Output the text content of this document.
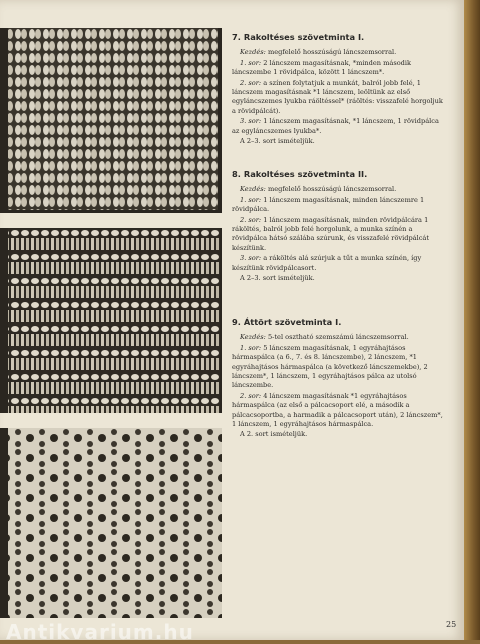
7. Rakoltéses szövetminta I.

Kezdés: megfelelő hosszúságú láncszemsorral.

1. sor: 2 láncszem magasításnak, *minden második láncszembe 1 rövidpálca, között 1 láncszem*.

2. sor: a színen folytatjuk a munkát, balról jobb felé, 1 láncszem magasításnak *1 láncszem, leöltünk az első egyláncszemes lyukba ráöltéssel* (ráöltés: visszafelé horgoljuk a rövidpálcát).

3. sor: 1 láncszem magasításnak, *1 láncszem, 1 rövidpálca az egyláncszemes lyukba*.

A 2–3. sort ismételjük.

8. Rakoltéses szövetminta II.

Kezdés: megfelelő hosszúságú láncszemsorral.

1. sor: 1 láncszem magasításnak, minden láncszemre 1 rövidpálca.

2. sor: 1 láncszem magasításnak, minden rövidpálcára 1 ráköltés, balról jobb felé horgolunk, a munka színén a rövidpálca hátsó szálába szúrunk, és visszafelé rövidpálcát készítünk.

3. sor: a ráköltés alá szúrjuk a tűt a munka színén, így készítünk rövidpálcasort.

A 2–3. sort ismételjük.

9. Áttört szövetminta I.

Kezdés: 5-tel osztható szemszámú láncszemsorral.

1. sor: 5 láncszem magasításnak, 1 egyráhajtásos hármaspálca (a 6., 7. és 8. láncszembe), 2 láncszem, *1 egyráhajtásos hármaspálca (a következő láncszemekbe), 2 láncszem*, 1 láncszem, 1 egyráhajtásos pálca az utolsó láncszembe.

2. sor: 4 láncszem magasításnak *1 egyráhajtásos hármaspálca (az első a pálcacsoport elé, a második a pálcacsoportba, a harmadik a pálcacsoport után), 2 láncszem*, 1 láncszem, 1 egyráhajtásos hármaspálca.

A 2. sort ismételjük.

25
Antikvarium.hu
